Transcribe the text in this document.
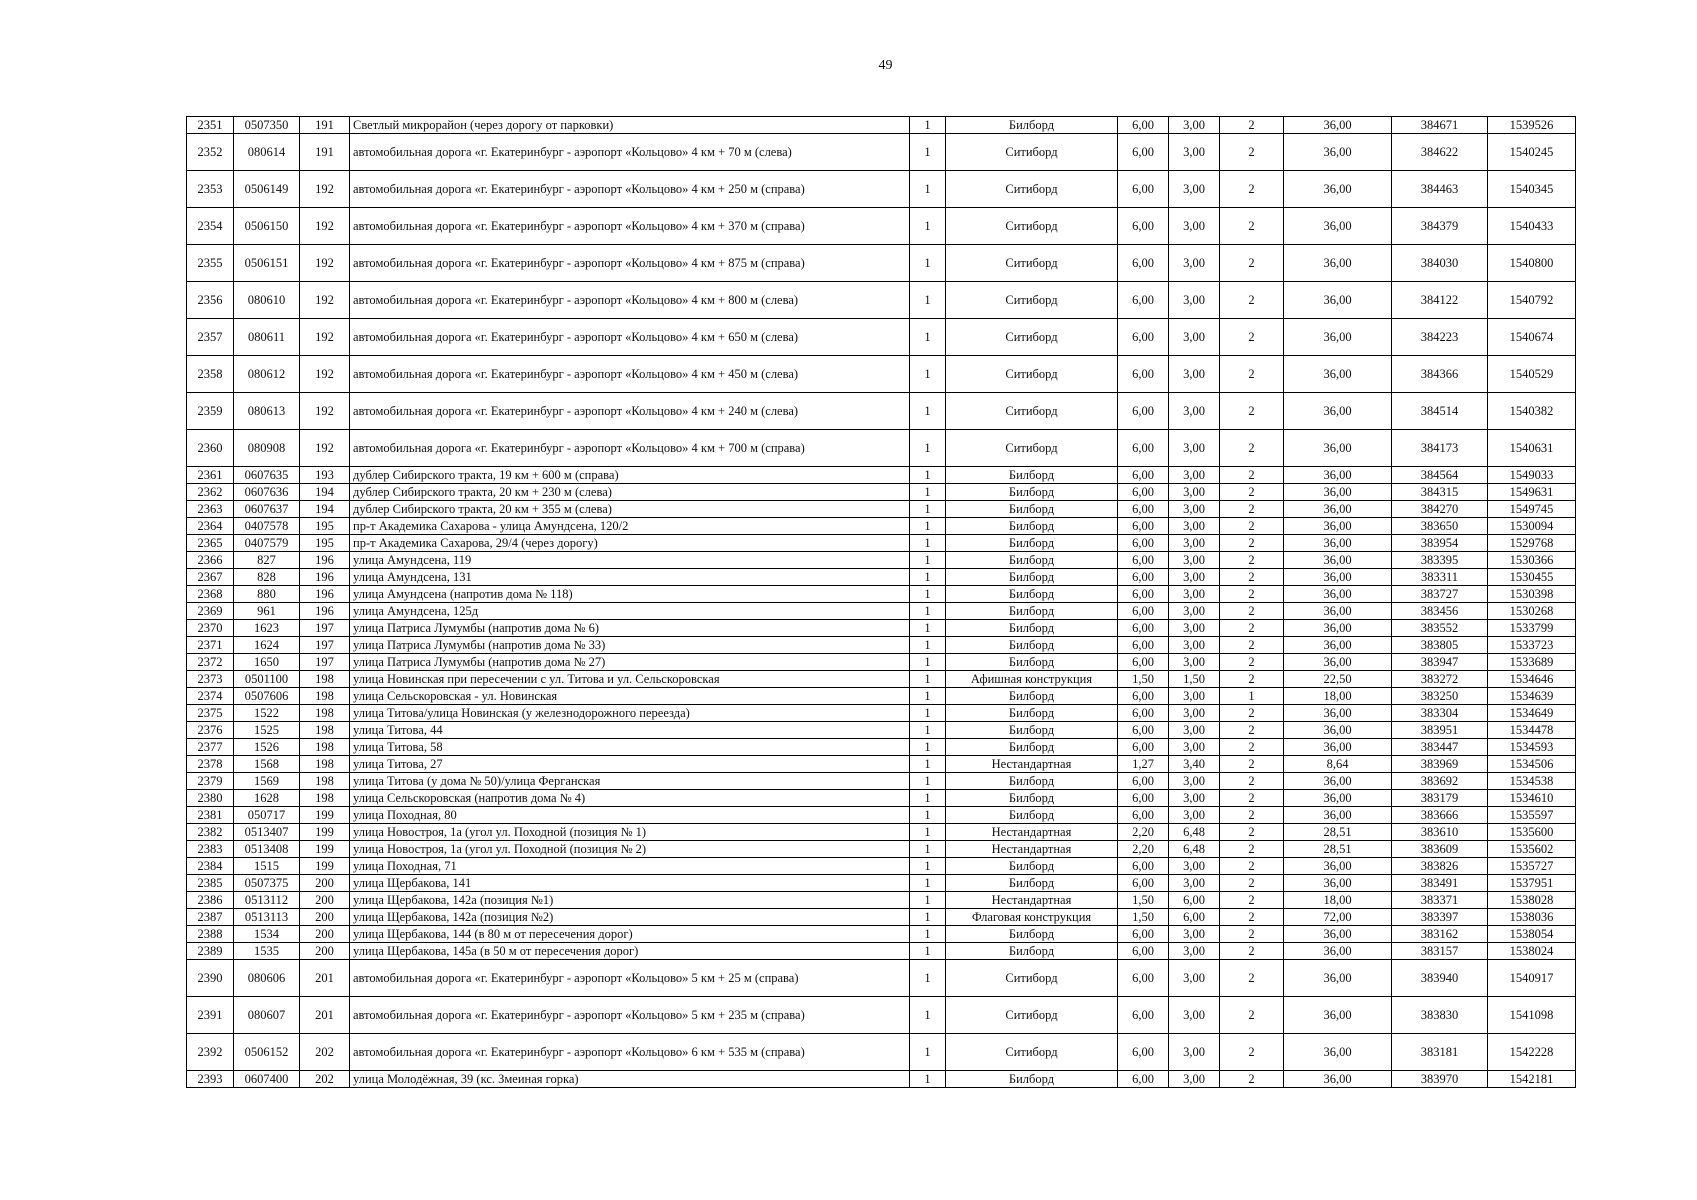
49
2351	0507350	191	Светлый микрорайон (через дорогу от парковки)	1	Билборд	6,00	3,00	2	36,00	384671	1539526
2352	080614	191	автомобильная дорога «г. Екатеринбург - аэропорт «Кольцово» 4 км + 70 м (слева)	1	Ситиборд	6,00	3,00	2	36,00	384622	1540245
2353	0506149	192	автомобильная дорога «г. Екатеринбург - аэропорт «Кольцово» 4 км + 250 м (справа)	1	Ситиборд	6,00	3,00	2	36,00	384463	1540345
2354	0506150	192	автомобильная дорога «г. Екатеринбург - аэропорт «Кольцово» 4 км + 370 м (справа)	1	Ситиборд	6,00	3,00	2	36,00	384379	1540433
2355	0506151	192	автомобильная дорога «г. Екатеринбург - аэропорт «Кольцово» 4 км + 875 м (справа)	1	Ситиборд	6,00	3,00	2	36,00	384030	1540800
2356	080610	192	автомобильная дорога «г. Екатеринбург - аэропорт «Кольцово» 4 км + 800 м (слева)	1	Ситиборд	6,00	3,00	2	36,00	384122	1540792
2357	080611	192	автомобильная дорога «г. Екатеринбург - аэропорт «Кольцово» 4 км + 650 м (слева)	1	Ситиборд	6,00	3,00	2	36,00	384223	1540674
2358	080612	192	автомобильная дорога «г. Екатеринбург - аэропорт «Кольцово» 4 км + 450 м (слева)	1	Ситиборд	6,00	3,00	2	36,00	384366	1540529
2359	080613	192	автомобильная дорога «г. Екатеринбург - аэропорт «Кольцово» 4 км + 240 м (слева)	1	Ситиборд	6,00	3,00	2	36,00	384514	1540382
2360	080908	192	автомобильная дорога «г. Екатеринбург - аэропорт «Кольцово» 4 км + 700 м (справа)	1	Ситиборд	6,00	3,00	2	36,00	384173	1540631
2361	0607635	193	дублер Сибирского тракта, 19 км + 600 м (справа)	1	Билборд	6,00	3,00	2	36,00	384564	1549033
2362	0607636	194	дублер Сибирского тракта, 20 км + 230 м (слева)	1	Билборд	6,00	3,00	2	36,00	384315	1549631
2363	0607637	194	дублер Сибирского тракта, 20 км + 355 м (слева)	1	Билборд	6,00	3,00	2	36,00	384270	1549745
2364	0407578	195	пр-т Академика Сахарова - улица Амундсена, 120/2	1	Билборд	6,00	3,00	2	36,00	383650	1530094
2365	0407579	195	пр-т Академика Сахарова, 29/4 (через дорогу)	1	Билборд	6,00	3,00	2	36,00	383954	1529768
2366	827	196	улица Амундсена, 119	1	Билборд	6,00	3,00	2	36,00	383395	1530366
2367	828	196	улица Амундсена, 131	1	Билборд	6,00	3,00	2	36,00	383311	1530455
2368	880	196	улица Амундсена (напротив дома № 118)	1	Билборд	6,00	3,00	2	36,00	383727	1530398
2369	961	196	улица Амундсена, 125д	1	Билборд	6,00	3,00	2	36,00	383456	1530268
2370	1623	197	улица Патриса Лумумбы (напротив дома № 6)	1	Билборд	6,00	3,00	2	36,00	383552	1533799
2371	1624	197	улица Патриса Лумумбы (напротив дома № 33)	1	Билборд	6,00	3,00	2	36,00	383805	1533723
2372	1650	197	улица Патриса Лумумбы (напротив дома № 27)	1	Билборд	6,00	3,00	2	36,00	383947	1533689
2373	0501100	198	улица Новинская при пересечении с ул. Титова и ул. Сельскоровская	1	Афишная конструкция	1,50	1,50	2	22,50	383272	1534646
2374	0507606	198	улица Сельскоровская - ул. Новинская	1	Билборд	6,00	3,00	1	18,00	383250	1534639
2375	1522	198	улица Титова/улица Новинская (у железнодорожного переезда)	1	Билборд	6,00	3,00	2	36,00	383304	1534649
2376	1525	198	улица Титова, 44	1	Билборд	6,00	3,00	2	36,00	383951	1534478
2377	1526	198	улица Титова, 58	1	Билборд	6,00	3,00	2	36,00	383447	1534593
2378	1568	198	улица Титова, 27	1	Нестандартная	1,27	3,40	2	8,64	383969	1534506
2379	1569	198	улица Титова (у дома № 50)/улица Ферганская	1	Билборд	6,00	3,00	2	36,00	383692	1534538
2380	1628	198	улица Сельскоровская (напротив дома № 4)	1	Билборд	6,00	3,00	2	36,00	383179	1534610
2381	050717	199	улица Походная, 80	1	Билборд	6,00	3,00	2	36,00	383666	1535597
2382	0513407	199	улица Новостроя, 1а (угол ул. Походной (позиция № 1)	1	Нестандартная	2,20	6,48	2	28,51	383610	1535600
2383	0513408	199	улица Новостроя, 1а (угол ул. Походной (позиция № 2)	1	Нестандартная	2,20	6,48	2	28,51	383609	1535602
2384	1515	199	улица Походная, 71	1	Билборд	6,00	3,00	2	36,00	383826	1535727
2385	0507375	200	улица Щербакова, 141	1	Билборд	6,00	3,00	2	36,00	383491	1537951
2386	0513112	200	улица Щербакова, 142а (позиция №1)	1	Нестандартная	1,50	6,00	2	18,00	383371	1538028
2387	0513113	200	улица Щербакова, 142а (позиция №2)	1	Флаговая конструкция	1,50	6,00	2	72,00	383397	1538036
2388	1534	200	улица Щербакова, 144 (в 80 м от пересечения дорог)	1	Билборд	6,00	3,00	2	36,00	383162	1538054
2389	1535	200	улица Щербакова, 145а (в 50 м от пересечения дорог)	1	Билборд	6,00	3,00	2	36,00	383157	1538024
2390	080606	201	автомобильная дорога «г. Екатеринбург - аэропорт «Кольцово» 5 км + 25 м (справа)	1	Ситиборд	6,00	3,00	2	36,00	383940	1540917
2391	080607	201	автомобильная дорога «г. Екатеринбург - аэропорт «Кольцово» 5 км + 235 м (справа)	1	Ситиборд	6,00	3,00	2	36,00	383830	1541098
2392	0506152	202	автомобильная дорога «г. Екатеринбург - аэропорт «Кольцово» 6 км + 535 м (справа)	1	Ситиборд	6,00	3,00	2	36,00	383181	1542228
2393	0607400	202	улица Молодёжная, 39 (кс. Змеиная горка)	1	Билборд	6,00	3,00	2	36,00	383970	1542181
